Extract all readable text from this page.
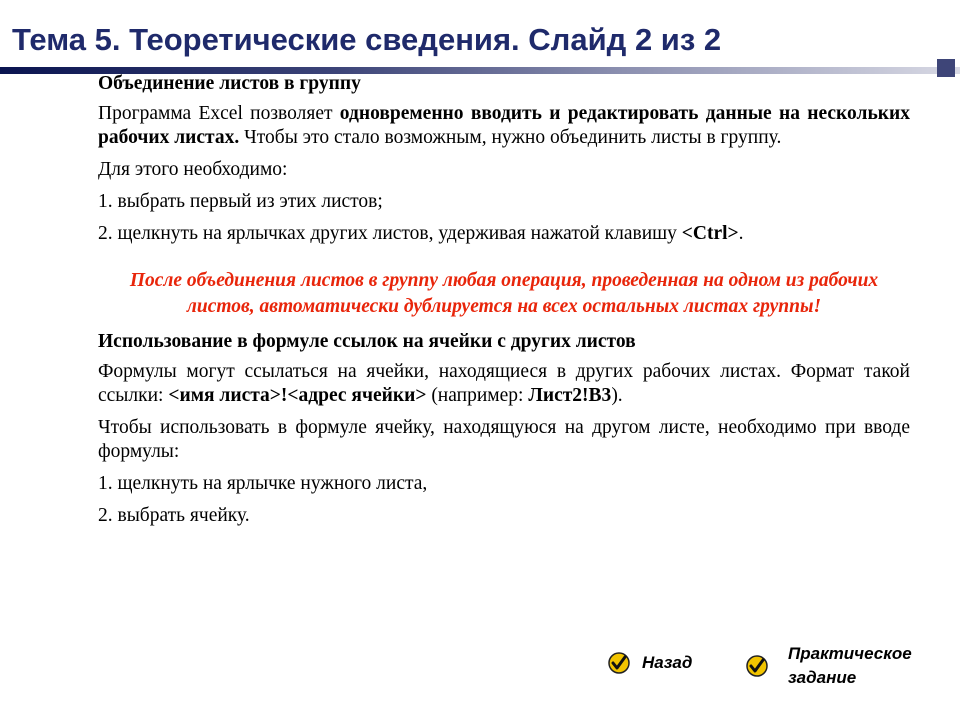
Тема 5. Теоретические сведения. Слайд 2 из 2

Объединение листов в группу

Программа Excel позволяет одновременно вводить и редактировать данные на нескольких рабочих листах. Чтобы это стало возможным, нужно объединить листы в группу.

Для этого необходимо:

1. выбрать первый из этих листов;

2. щелкнуть на ярлычках других листов, удерживая нажатой клавишу <Ctrl>.

После объединения листов в группу любая операция, проведенная на одном из рабочих листов, автоматически дублируется на всех остальных листах группы!

Использование в формуле ссылок на ячейки с других листов

Формулы могут ссылаться на ячейки, находящиеся в других рабочих листах. Формат такой ссылки: <имя листа>!<адрес ячейки> (например: Лист2!B3).

Чтобы использовать в формуле ячейку, находящуюся на другом листе, необходимо при вводе формулы:

1. щелкнуть на ярлычке нужного листа,

2. выбрать ячейку.

Назад	Практическое задание
